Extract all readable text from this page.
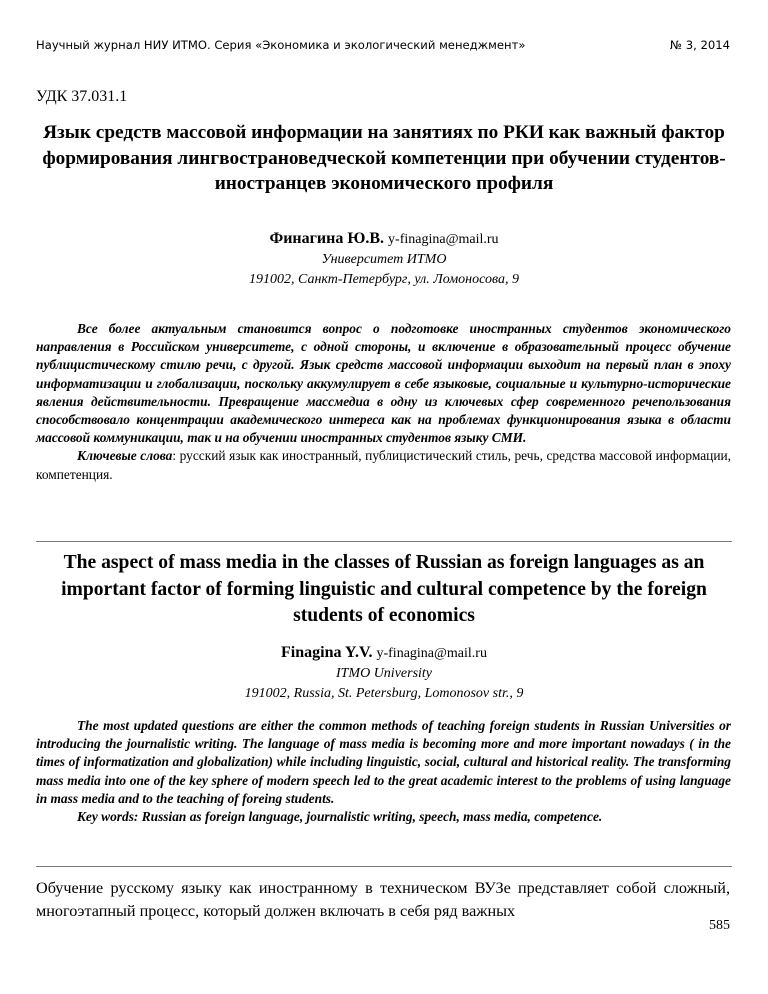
Научный журнал НИУ ИТМО. Серия «Экономика и экологический менеджмент»	№ 3, 2014
УДК 37.031.1
Язык средств массовой информации на занятиях по РКИ как важный фактор формирования лингвострановедческой компетенции при обучении студентов-иностранцев экономического профиля
Финагина Ю.В. y-finagina@mail.ru
Университет ИТМО
191002, Санкт-Петербург, ул. Ломоносова, 9

Все более актуальным становится вопрос о подготовке иностранных студентов экономического направления в Российском университете, с одной стороны, и включение в образовательный процесс обучение публицистическому стилю речи, с другой. Язык средств массовой информации выходит на первый план в эпоху информатизации и глобализации, поскольку аккумулирует в себе языковые, социальные и культурно-исторические явления действительности. Превращение массмедиа в одну из ключевых сфер современного речепользования способствовало концентрации академического интереса как на проблемах функционирования языка в области массовой коммуникации, так и на обучении иностранных студентов языку СМИ.

Ключевые слова: русский язык как иностранный, публицистический стиль, речь, средства массовой информации, компетенция.

The aspect of mass media in the classes of Russian as foreign languages as an important factor of forming linguistic and cultural competence by the foreign students of economics
Finagina Y.V. y-finagina@mail.ru
ITMO University
191002, Russia, St. Petersburg, Lomonosov str., 9

The most updated questions are either the common methods of teaching foreign students in Russian Universities or introducing the journalistic writing. The language of mass media is becoming more and more important nowadays ( in the times of informatization and globalization) while including linguistic, social, cultural and historical reality. The transforming mass media into one of the key sphere of modern speech led to the great academic interest to the problems of using language in mass media and to the teaching of foreing students.

Key words: Russian as foreign language, journalistic writing, speech, mass media, competence.

Обучение русскому языку как иностранному в техническом ВУЗе представляет собой сложный, многоэтапный процесс, который должен включать в себя ряд важных

585
